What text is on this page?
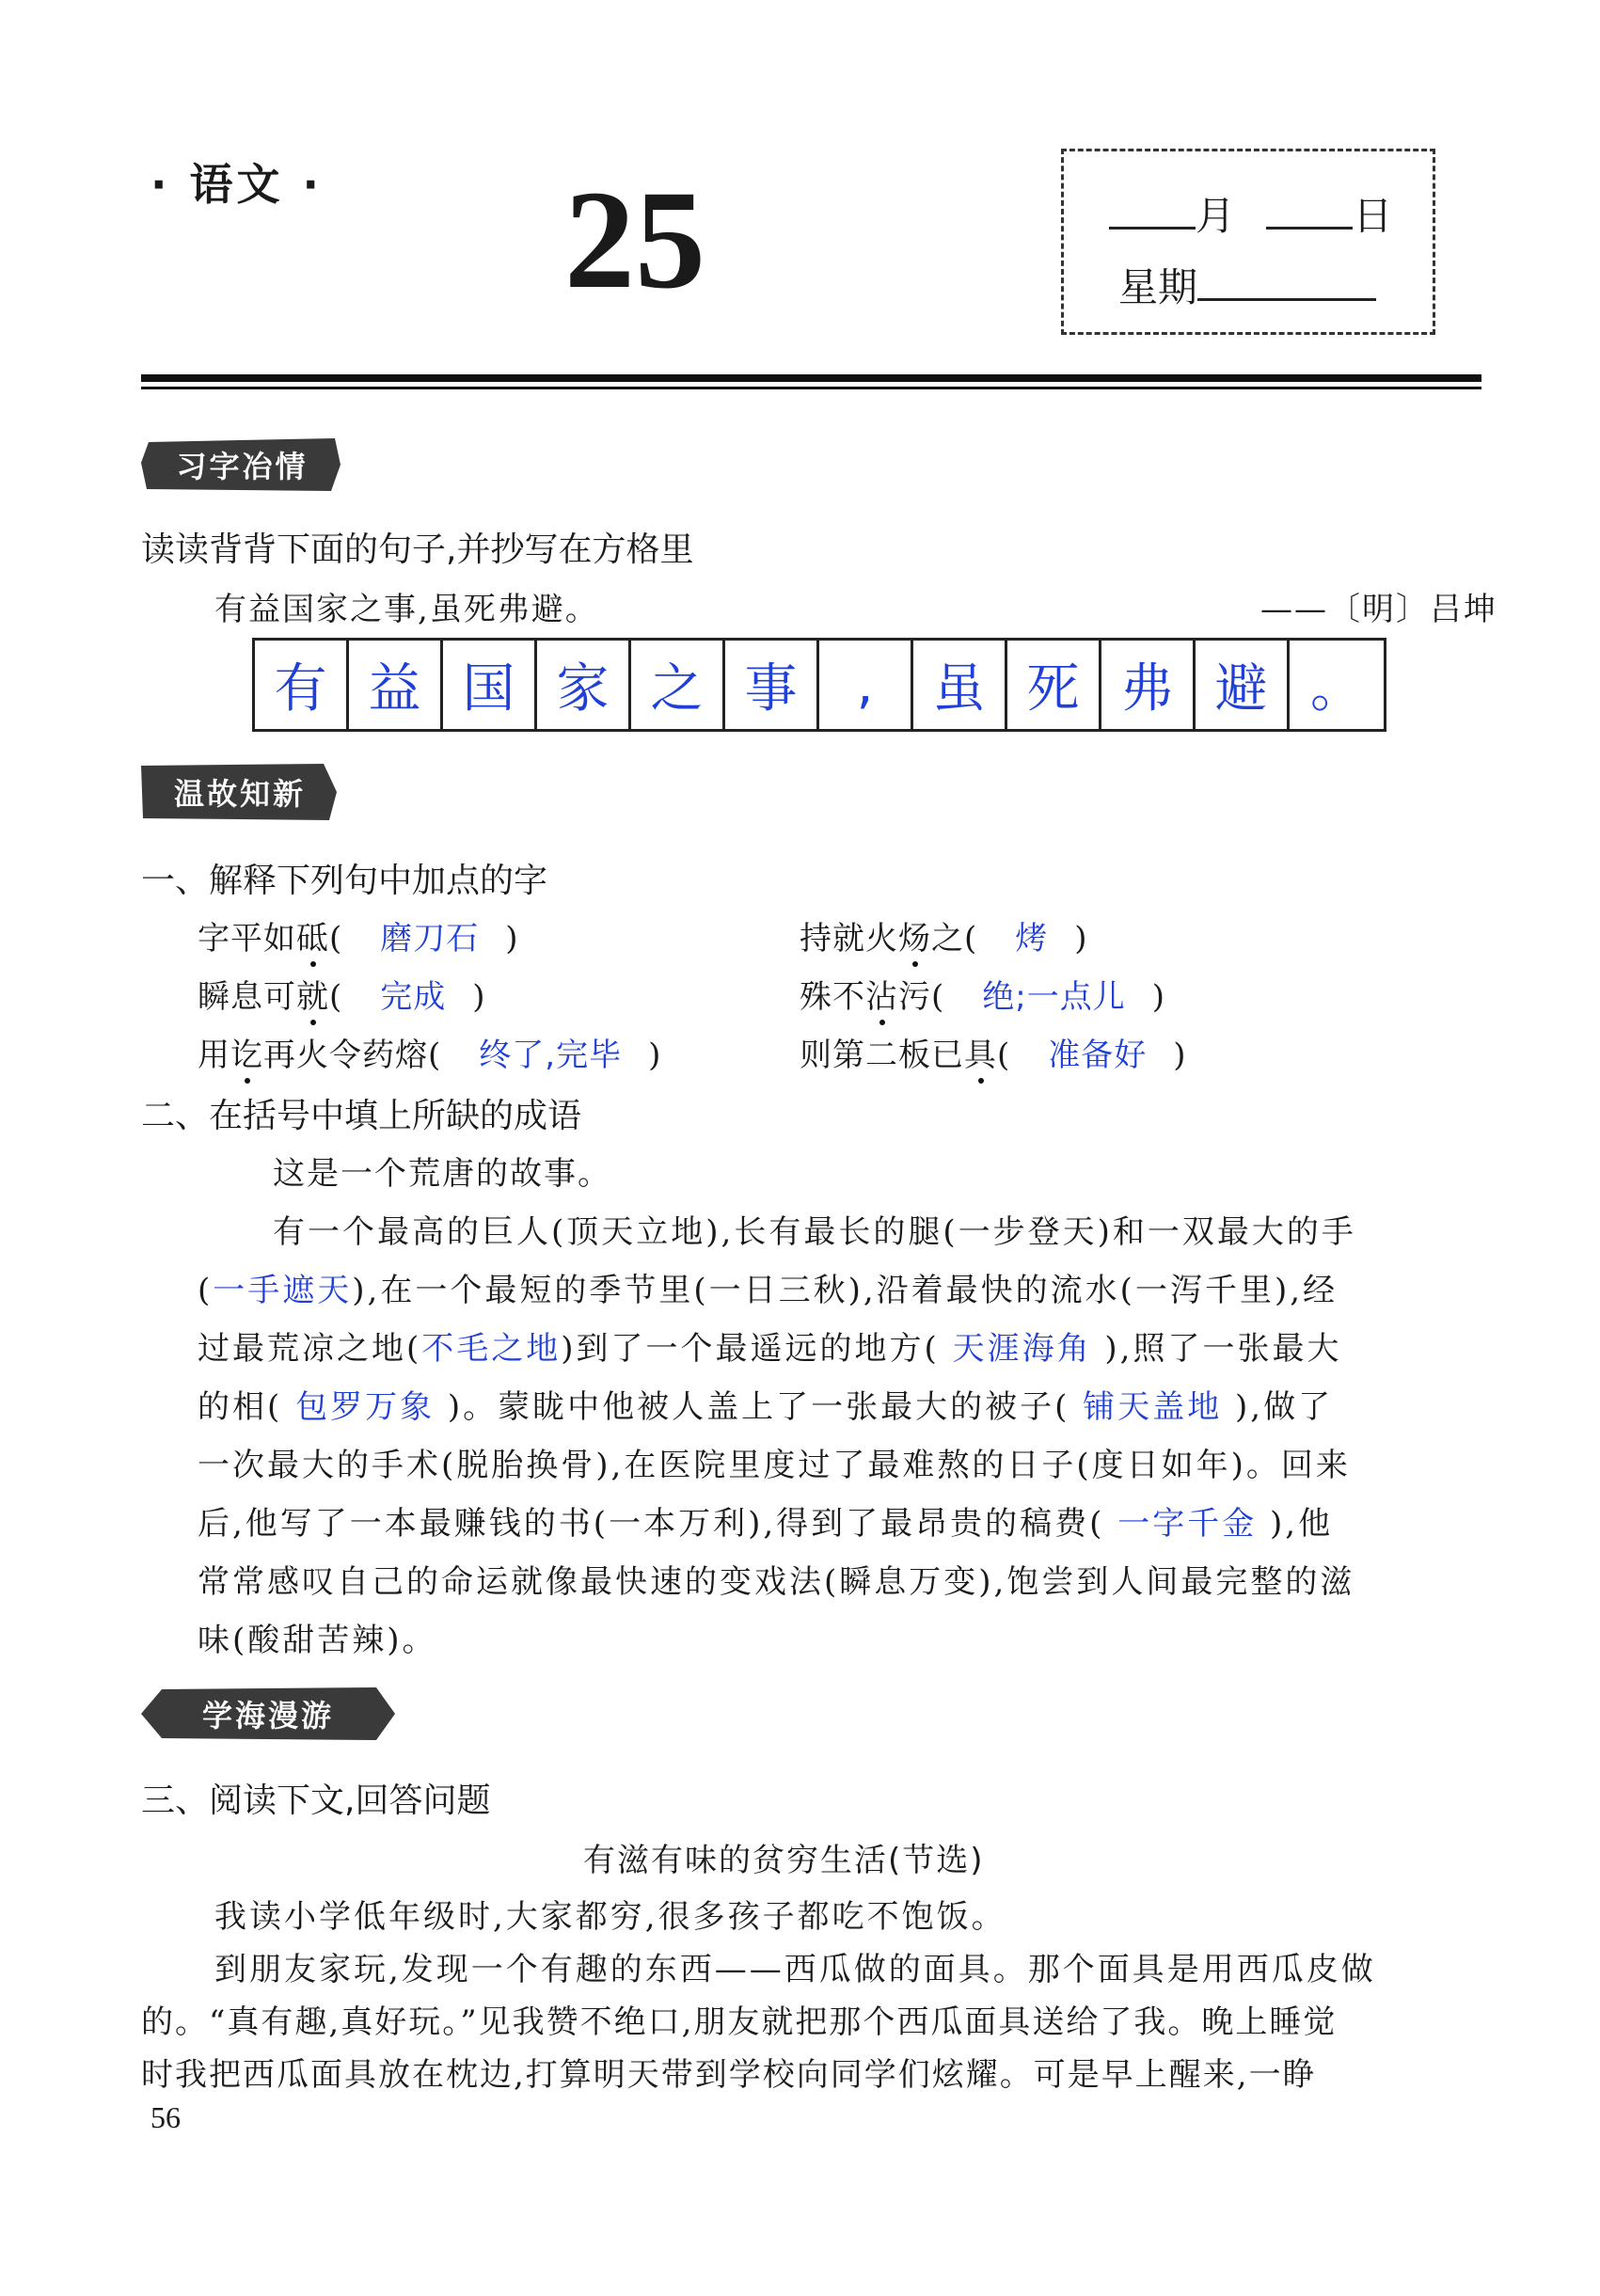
· 语文 · 25	月	日
星期
习字冶情
读读背背下面的句子,并抄写在方格里
有益国家之事,虽死弗避。	——〔明〕吕坤
有 益 国 家 之 事	,	虽 死 弗 避 。
温故知新
一、解释下列句中加点的字
字平如砥( 磨刀石 )	持就火炀之( 烤 )
瞬息可就( 完成 )	殊不沾污( 绝;一点儿 )
用讫再火令药熔( 终了,完毕 )	则第二板已具( 准备好 )
二、在括号中填上所缺的成语
这是一个荒唐的故事。
有一个最高的巨人(顶天立地),长有最长的腿(一步登天)和一双最大的手
(一手遮天),在一个最短的季节里(一日三秋),沿着最快的流水(一泻千里),经
过最荒凉之地(不毛之地)到了一个最遥远的地方( 天涯海角 ),照了一张最大
的相( 包罗万象 )。蒙眬中他被人盖上了一张最大的被子( 铺天盖地 ),做了
一次最大的手术(脱胎换骨),在医院里度过了最难熬的日子(度日如年)。回来
后,他写了一本最赚钱的书(一本万利),得到了最昂贵的稿费( 一字千金 ),他
常常感叹自己的命运就像最快速的变戏法(瞬息万变),饱尝到人间最完整的滋
味(酸甜苦辣)。
学海漫游
三、阅读下文,回答问题
有滋有味的贫穷生活(节选)
我读小学低年级时,大家都穷,很多孩子都吃不饱饭。
到朋友家玩,发现一个有趣的东西——西瓜做的面具。那个面具是用西瓜皮做
的。“真有趣,真好玩。”见我赞不绝口,朋友就把那个西瓜面具送给了我。晚上睡觉
时我把西瓜面具放在枕边,打算明天带到学校向同学们炫耀。可是早上醒来,一睁
56
